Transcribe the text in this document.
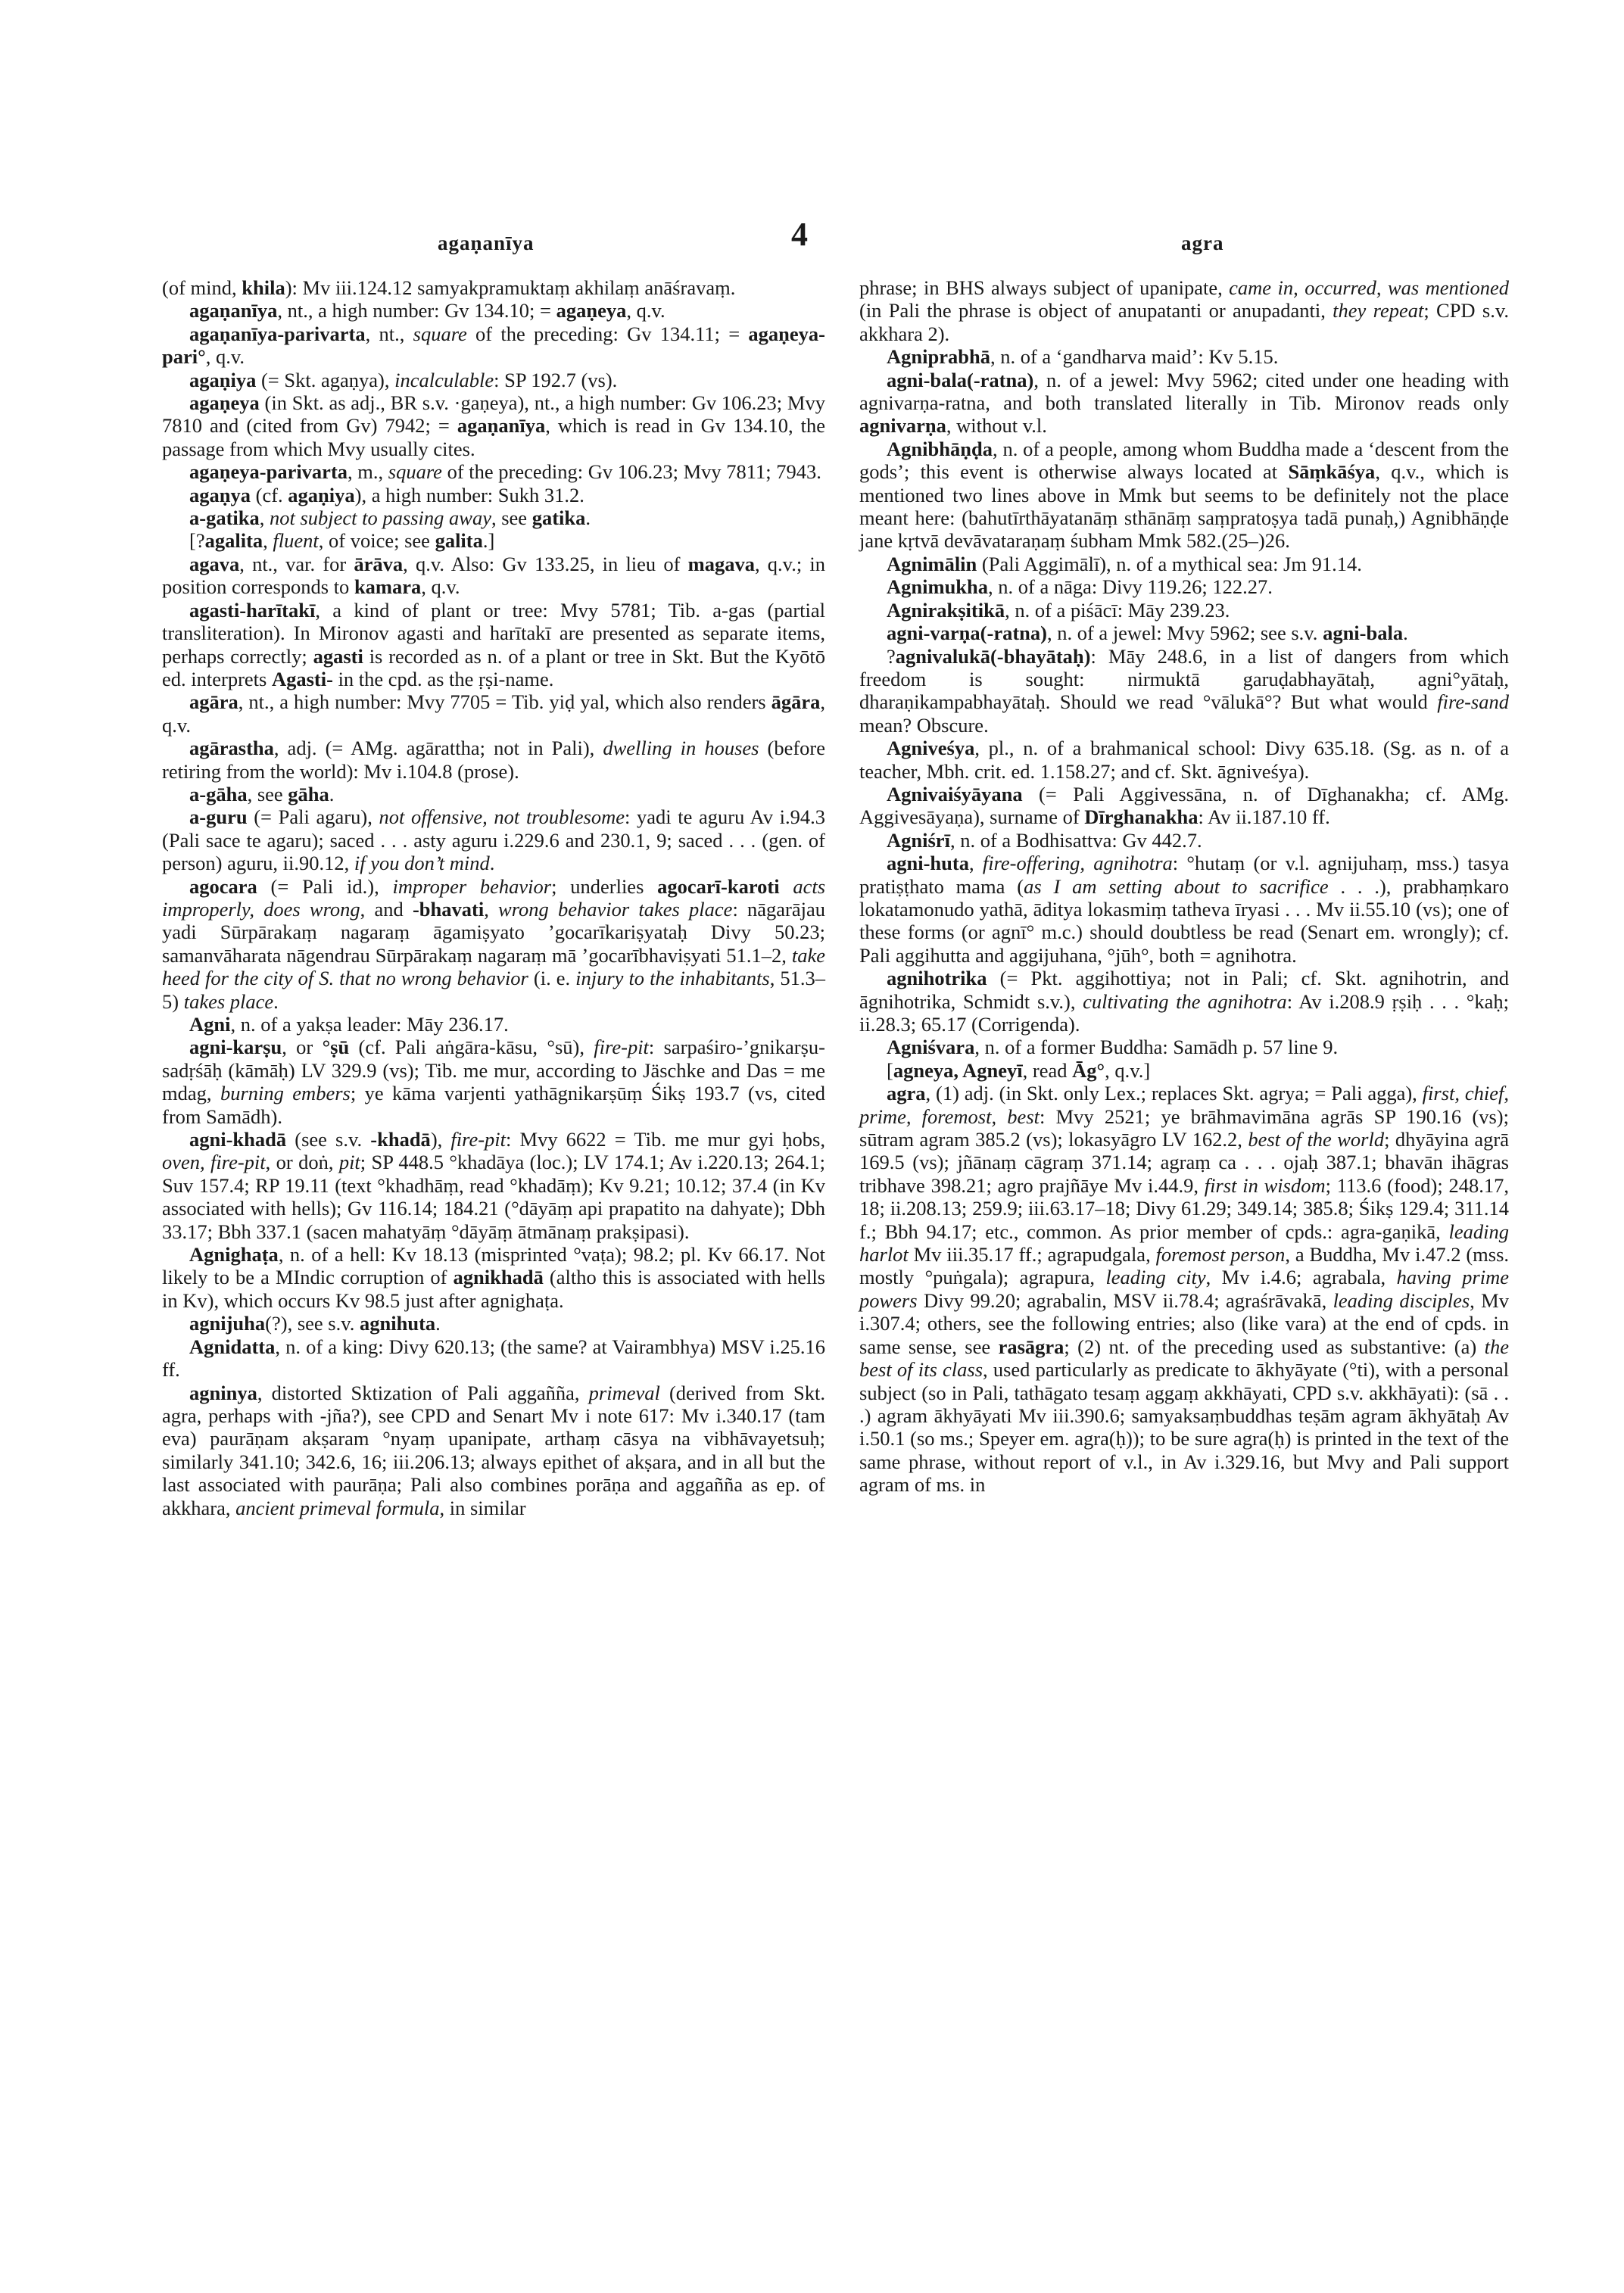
agaṇanīya	4	agra

(of mind, khila): Mv iii.124.12 samyakpramuktaṃ akhilaṃ anāśravaṃ.

agaṇanīya, nt., a high number: Gv 134.10; = agaṇeya, q.v.

agaṇanīya-parivarta, nt., square of the preceding: Gv 134.11; = agaṇeya-pari°, q.v.

agaṇiya (= Skt. agaṇya), incalculable: SP 192.7 (vs).

agaṇeya (in Skt. as adj., BR s.v. ·gaṇeya), nt., a high number: Gv 106.23; Mvy 7810 and (cited from Gv) 7942; = agaṇanīya, which is read in Gv 134.10, the passage from which Mvy usually cites.

agaṇeya-parivarta, m., square of the preceding: Gv 106.23; Mvy 7811; 7943.

agaṇya (cf. agaṇiya), a high number: Sukh 31.2.

a-gatika, not subject to passing away, see gatika.

[?agalita, fluent, of voice; see galita.]

agava, nt., var. for ārāva, q.v. Also: Gv 133.25, in lieu of magava, q.v.; in position corresponds to kamara, q.v.

agasti-harītakī, a kind of plant or tree: Mvy 5781; Tib. a-gas (partial transliteration). In Mironov agasti and harītakī are presented as separate items, perhaps correctly; agasti is recorded as n. of a plant or tree in Skt. But the Kyōtō ed. interprets Agasti- in the cpd. as the ṛṣi-name.

agāra, nt., a high number: Mvy 7705 = Tib. yiḍ yal, which also renders āgāra, q.v.

agārastha, adj. (= AMg. agārattha; not in Pali), dwelling in houses (before retiring from the world): Mv i.104.8 (prose).

a-gāha, see gāha.

a-guru (= Pali agaru), not offensive, not troublesome: yadi te aguru Av i.94.3 (Pali sace te agaru); saced . . . asty aguru i.229.6 and 230.1, 9; saced . . . (gen. of person) aguru, ii.90.12, if you don’t mind.

agocara (= Pali id.), improper behavior; underlies agocarī-karoti acts improperly, does wrong, and -bhavati, wrong behavior takes place: nāgarājau yadi Sūrpārakaṃ nagaraṃ āgamiṣyato ’gocarīkariṣyataḥ Divy 50.23; samanvāharata nāgendrau Sūrpārakaṃ nagaraṃ mā ’gocarībhaviṣyati 51.1–2, take heed for the city of S. that no wrong behavior (i. e. injury to the inhabitants, 51.3–5) takes place.

Agni, n. of a yakṣa leader: Māy 236.17.

agni-karṣu, or °ṣū (cf. Pali aṅgāra-kāsu, °sū), fire-pit: sarpaśiro-’gnikarṣu-sadṛśāḥ (kāmāḥ) LV 329.9 (vs); Tib. me mur, according to Jäschke and Das = me mdag, burning embers; ye kāma varjenti yathāgnikarṣūṃ Śikṣ 193.7 (vs, cited from Samādh).

agni-khadā (see s.v. -khadā), fire-pit: Mvy 6622 = Tib. me mur gyi ḥobs, oven, fire-pit, or doṅ, pit; SP 448.5 °khadāya (loc.); LV 174.1; Av i.220.13; 264.1; Suv 157.4; RP 19.11 (text °khadhāṃ, read °khadāṃ); Kv 9.21; 10.12; 37.4 (in Kv associated with hells); Gv 116.14; 184.21 (°dāyāṃ api prapatito na dahyate); Dbh 33.17; Bbh 337.1 (sacen mahatyāṃ °dāyāṃ ātmānaṃ prakṣipasi).

Agnighaṭa, n. of a hell: Kv 18.13 (misprinted °vaṭa); 98.2; pl. Kv 66.17. Not likely to be a MIndic corruption of agnikhadā (altho this is associated with hells in Kv), which occurs Kv 98.5 just after agnighaṭa.

agnijuha(?), see s.v. agnihuta.

Agnidatta, n. of a king: Divy 620.13; (the same? at Vairambhya) MSV i.25.16 ff.

agninya, distorted Sktization of Pali aggañña, primeval (derived from Skt. agra, perhaps with -jña?), see CPD and Senart Mv i note 617: Mv i.340.17 (tam eva) paurāṇam akṣaram °nyaṃ upanipate, arthaṃ cāsya na vibhāvayetsuḥ; similarly 341.10; 342.6, 16; iii.206.13; always epithet of akṣara, and in all but the last associated with paurāṇa; Pali also combines porāṇa and aggañña as ep. of akkhara, ancient primeval formula, in similar

phrase; in BHS always subject of upanipate, came in, occurred, was mentioned (in Pali the phrase is object of anupatanti or anupadanti, they repeat; CPD s.v. akkhara 2).

Agniprabhā, n. of a ‘gandharva maid’: Kv 5.15.

agni-bala(-ratna), n. of a jewel: Mvy 5962; cited under one heading with agnivarṇa-ratna, and both translated literally in Tib. Mironov reads only agnivarṇa, without v.l.

Agnibhāṇḍa, n. of a people, among whom Buddha made a ‘descent from the gods’; this event is otherwise always located at Sāṃkāśya, q.v., which is mentioned two lines above in Mmk but seems to be definitely not the place meant here: (bahutīrthāyatanāṃ sthānāṃ saṃpratoṣya tadā punaḥ,) Agnibhāṇḍe jane kṛtvā devāvataraṇaṃ śubham Mmk 582.(25–)26.

Agnimālin (Pali Aggimālī), n. of a mythical sea: Jm 91.14.

Agnimukha, n. of a nāga: Divy 119.26; 122.27.

Agnirakṣitikā, n. of a piśācī: Māy 239.23.

agni-varṇa(-ratna), n. of a jewel: Mvy 5962; see s.v. agni-bala.

?agnivalukā(-bhayātaḥ): Māy 248.6, in a list of dangers from which freedom is sought: nirmuktā garuḍabhayātaḥ, agni°yātaḥ, dharaṇikampabhayātaḥ. Should we read °vālukā°? But what would fire-sand mean? Obscure.

Agniveśya, pl., n. of a brahmanical school: Divy 635.18. (Sg. as n. of a teacher, Mbh. crit. ed. 1.158.27; and cf. Skt. āgniveśya).

Agnivaiśyāyana (= Pali Aggivessāna, n. of Dīghanakha; cf. AMg. Aggivesāyaṇa), surname of Dīrghanakha: Av ii.187.10 ff.

Agniśrī, n. of a Bodhisattva: Gv 442.7.

agni-huta, fire-offering, agnihotra: °hutaṃ (or v.l. agnijuhaṃ, mss.) tasya pratiṣṭhato mama (as I am setting about to sacrifice . . .), prabhaṃkaro lokatamonudo yathā, āditya lokasmiṃ tatheva īryasi . . . Mv ii.55.10 (vs); one of these forms (or agnī° m.c.) should doubtless be read (Senart em. wrongly); cf. Pali aggihutta and aggijuhana, °jūh°, both = agnihotra.

agnihotrika (= Pkt. aggihottiya; not in Pali; cf. Skt. agnihotrin, and āgnihotrika, Schmidt s.v.), cultivating the agnihotra: Av i.208.9 ṛṣiḥ . . . °kaḥ; ii.28.3; 65.17 (Corrigenda).

Agniśvara, n. of a former Buddha: Samādh p. 57 line 9.

[agneya, Agneyī, read Āg°, q.v.]

agra, (1) adj. (in Skt. only Lex.; replaces Skt. agrya; = Pali agga), first, chief, prime, foremost, best: Mvy 2521; ye brāhmavimāna agrās SP 190.16 (vs); sūtram agram 385.2 (vs); lokasyāgro LV 162.2, best of the world; dhyāyina agrā 169.5 (vs); jñānaṃ cāgraṃ 371.14; agraṃ ca . . . ojaḥ 387.1; bhavān ihāgras tribhave 398.21; agro prajñāye Mv i.44.9, first in wisdom; 113.6 (food); 248.17, 18; ii.208.13; 259.9; iii.63.17–18; Divy 61.29; 349.14; 385.8; Śikṣ 129.4; 311.14 f.; Bbh 94.17; etc., common. As prior member of cpds.: agra-gaṇikā, leading harlot Mv iii.35.17 ff.; agrapudgala, foremost person, a Buddha, Mv i.47.2 (mss. mostly °puṅgala); agrapura, leading city, Mv i.4.6; agrabala, having prime powers Divy 99.20; agrabalin, MSV ii.78.4; agraśrāvakā, leading disciples, Mv i.307.4; others, see the following entries; also (like vara) at the end of cpds. in same sense, see rasāgra; (2) nt. of the preceding used as substantive: (a) the best of its class, used particularly as predicate to ākhyāyate (°ti), with a personal subject (so in Pali, tathāgato tesaṃ aggaṃ akkhāyati, CPD s.v. akkhāyati): (sā . . .) agram ākhyāyati Mv iii.390.6; samyaksaṃbuddhas teṣām agram ākhyātaḥ Av i.50.1 (so ms.; Speyer em. agra(ḥ)); to be sure agra(ḥ) is printed in the text of the same phrase, without report of v.l., in Av i.329.16, but Mvy and Pali support agram of ms. in
